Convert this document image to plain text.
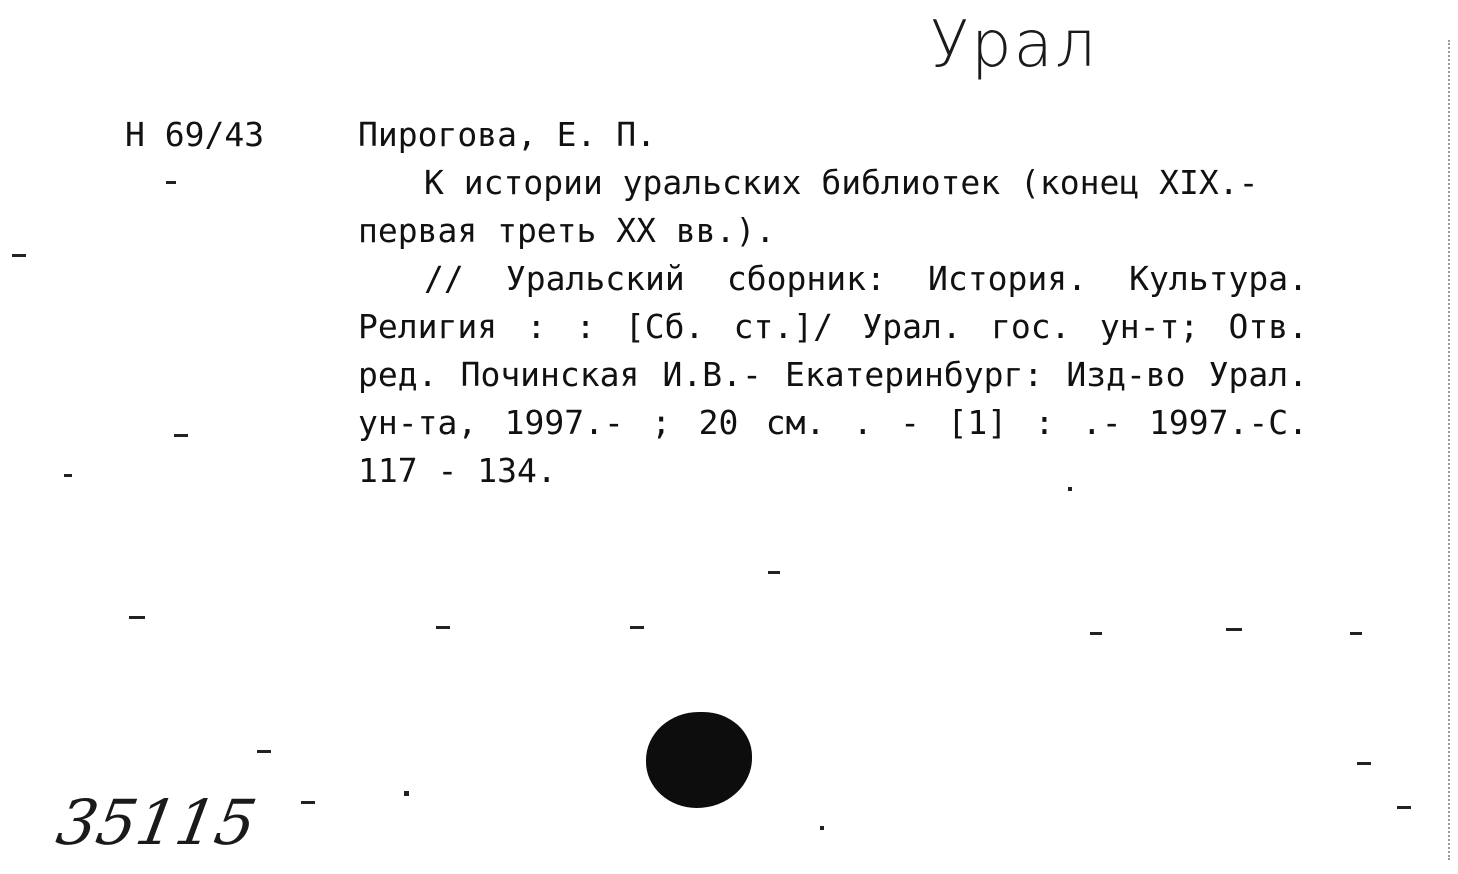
Урал
Н 69/43	Пирогова, Е. П.

К истории уральских библиотек (конец XIX.- первая треть XX вв.).

// Уральский сборник: История. Культура. Религия : : [Сб. ст.]/ Урал. гос. ун-т; Отв. ред. Починская И.В.- Екатеринбург: Изд-во Урал. ун-та, 1997.- ; 20 см. . - [1] : .- 1997.-С. 117 - 134.

35115
